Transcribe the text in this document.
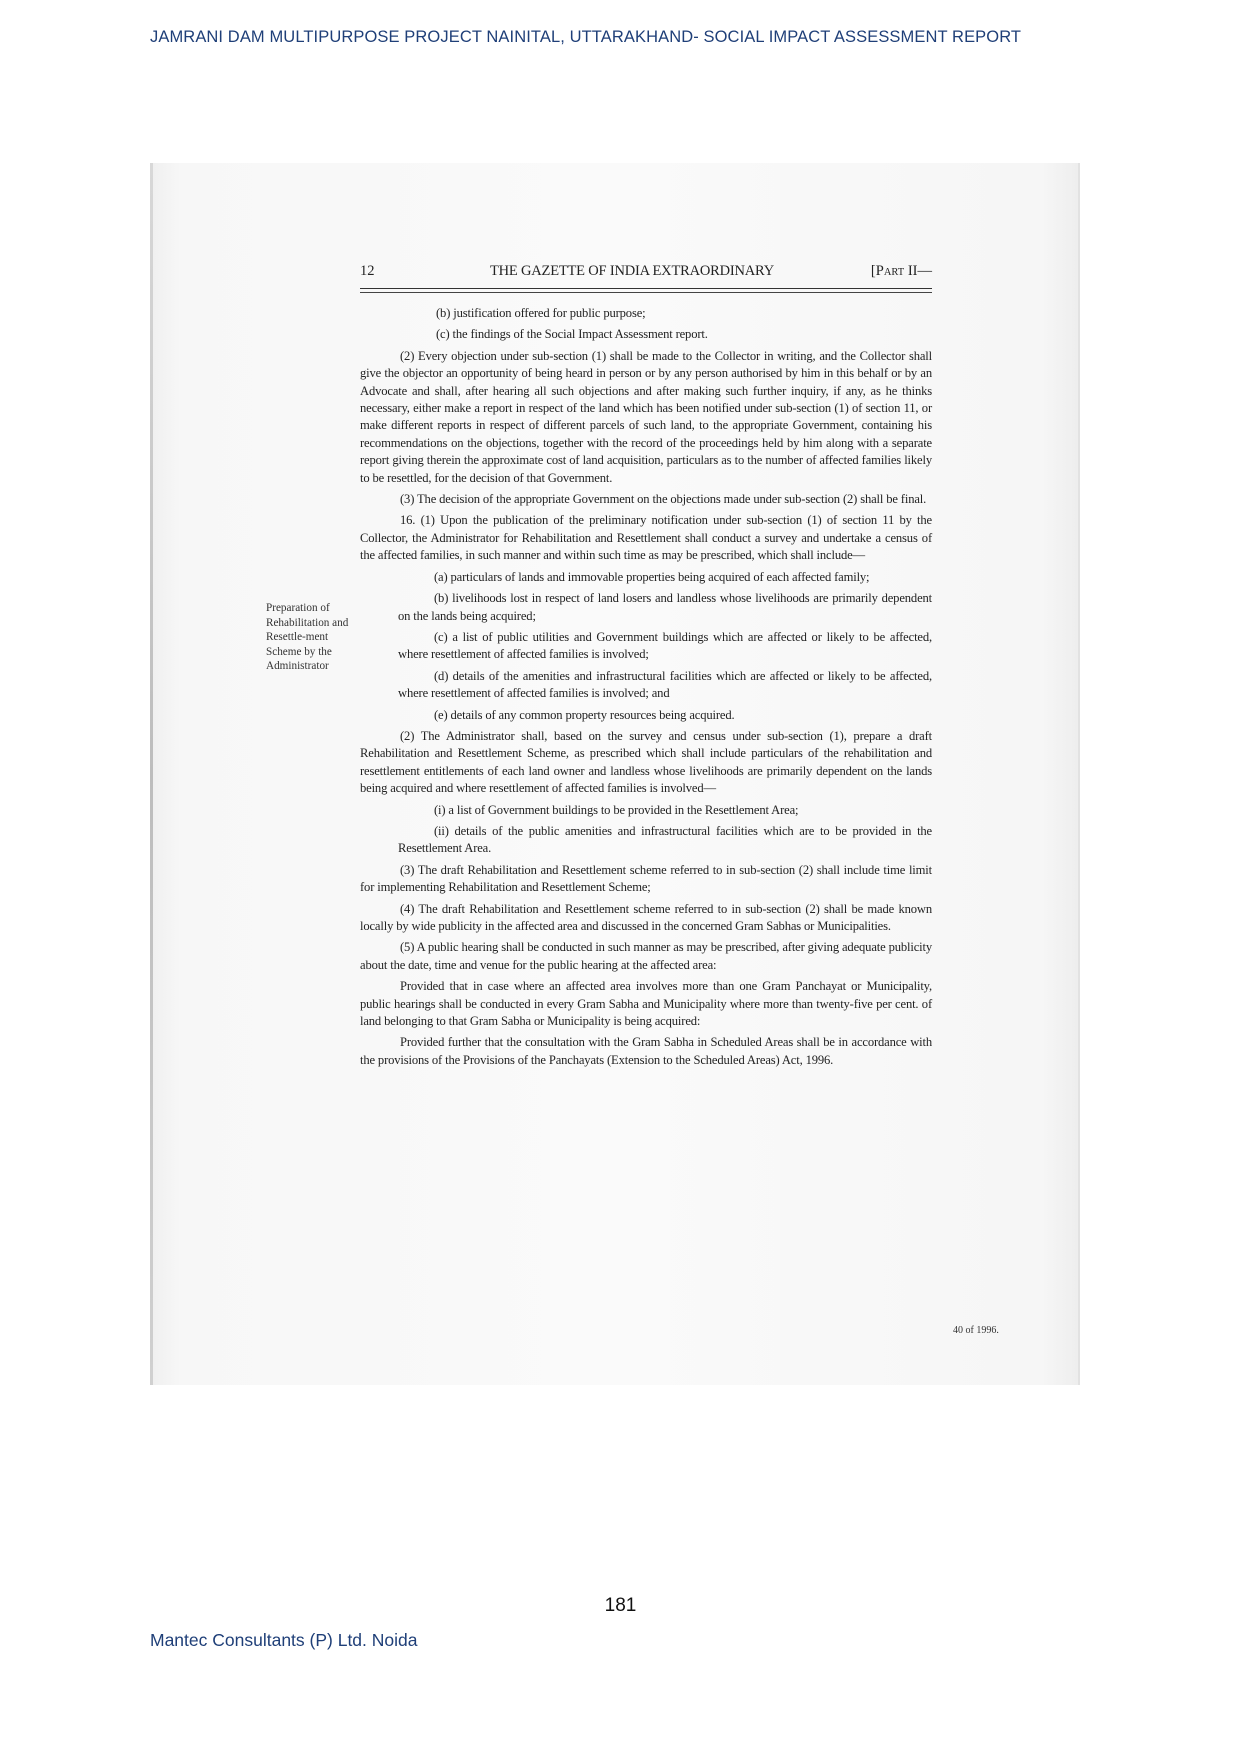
JAMRANI DAM MULTIPURPOSE PROJECT NAINITAL, UTTARAKHAND- SOCIAL IMPACT ASSESSMENT REPORT
12	THE GAZETTE OF INDIA EXTRAORDINARY	[PART II—
Preparation of Rehabilitation and Resettle-ment Scheme by the Administrator

(b) justification offered for public purpose;

(c) the findings of the Social Impact Assessment report.

(2) Every objection under sub-section (1) shall be made to the Collector in writing, and the Collector shall give the objector an opportunity of being heard in person or by any person authorised by him in this behalf or by an Advocate and shall, after hearing all such objections and after making such further inquiry, if any, as he thinks necessary, either make a report in respect of the land which has been notified under sub-section (1) of section 11, or make different reports in respect of different parcels of such land, to the appropriate Government, containing his recommendations on the objections, together with the record of the proceedings held by him along with a separate report giving therein the approximate cost of land acquisition, particulars as to the number of affected families likely to be resettled, for the decision of that Government.

(3) The decision of the appropriate Government on the objections made under sub-section (2) shall be final.

16. (1) Upon the publication of the preliminary notification under sub-section (1) of section 11 by the Collector, the Administrator for Rehabilitation and Resettlement shall conduct a survey and undertake a census of the affected families, in such manner and within such time as may be prescribed, which shall include—

(a) particulars of lands and immovable properties being acquired of each affected family;

(b) livelihoods lost in respect of land losers and landless whose livelihoods are primarily dependent on the lands being acquired;

(c) a list of public utilities and Government buildings which are affected or likely to be affected, where resettlement of affected families is involved;

(d) details of the amenities and infrastructural facilities which are affected or likely to be affected, where resettlement of affected families is involved; and

(e) details of any common property resources being acquired.

(2) The Administrator shall, based on the survey and census under sub-section (1), prepare a draft Rehabilitation and Resettlement Scheme, as prescribed which shall include particulars of the rehabilitation and resettlement entitlements of each land owner and landless whose livelihoods are primarily dependent on the lands being acquired and where resettlement of affected families is involved—

(i) a list of Government buildings to be provided in the Resettlement Area;

(ii) details of the public amenities and infrastructural facilities which are to be provided in the Resettlement Area.

(3) The draft Rehabilitation and Resettlement scheme referred to in sub-section (2) shall include time limit for implementing Rehabilitation and Resettlement Scheme;

(4) The draft Rehabilitation and Resettlement scheme referred to in sub-section (2) shall be made known locally by wide publicity in the affected area and discussed in the concerned Gram Sabhas or Municipalities.

(5) A public hearing shall be conducted in such manner as may be prescribed, after giving adequate publicity about the date, time and venue for the public hearing at the affected area:

Provided that in case where an affected area involves more than one Gram Panchayat or Municipality, public hearings shall be conducted in every Gram Sabha and Municipality where more than twenty-five per cent. of land belonging to that Gram Sabha or Municipality is being acquired:

Provided further that the consultation with the Gram Sabha in Scheduled Areas shall be in accordance with the provisions of the Provisions of the Panchayats (Extension to the Scheduled Areas) Act, 1996.

40 of 1996.
181
Mantec Consultants (P) Ltd. Noida
